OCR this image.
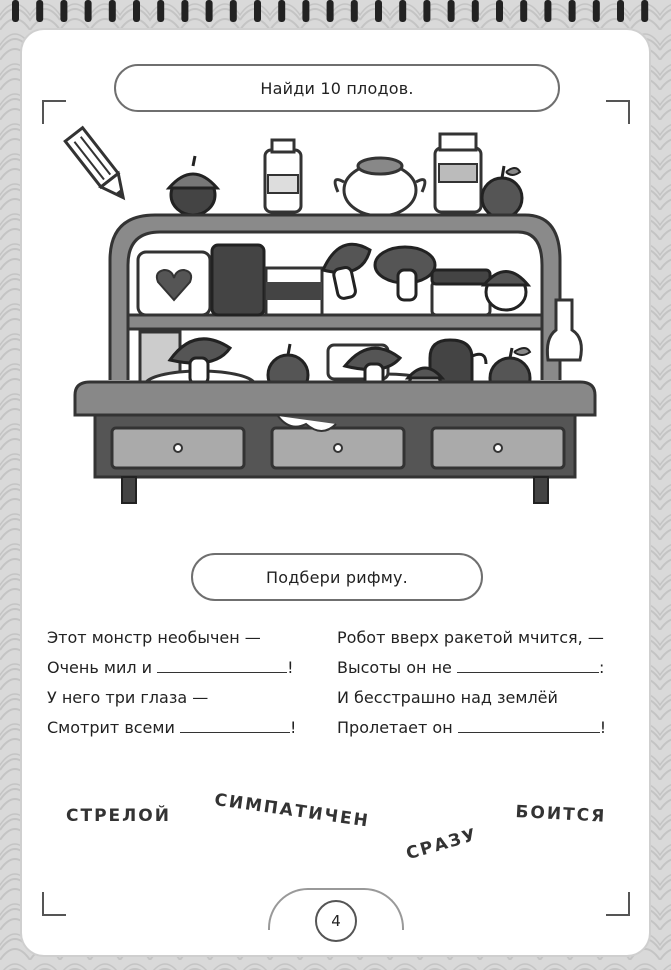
Найди 10 плодов.
Подбери рифму.
Этот монстр необычен —
Очень мил и	!
У него три глаза —
Смотрит всеми	!
Робот вверх ракетой мчится, —
Высоты он не	:
И бесстрашно над землёй
Пролетает он	!
СТРЕЛОЙ СИМПАТИЧЕН
СРАЗУ
БОИТСЯ
4
